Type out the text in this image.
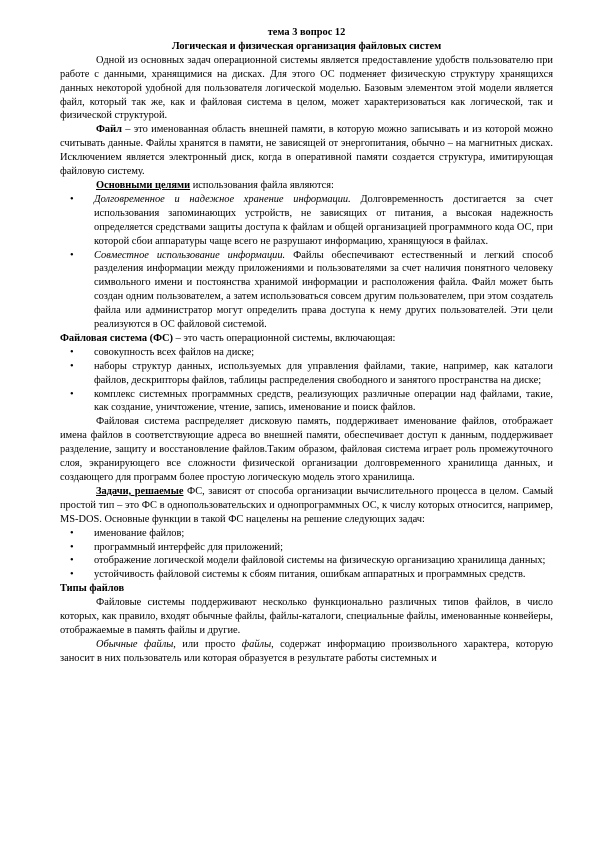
тема 3 вопрос 12

Логическая и физическая организация файловых систем

Одной из основных задач операционной системы является предоставление удобств пользователю при работе с данными, хранящимися на дисках. Для этого ОС подменяет физическую структуру хранящихся данных некоторой удобной для пользователя логической моделью. Базовым элементом этой модели является файл, который так же, как и файловая система в целом, может характеризоваться как логической, так и физической структурой.

Файл – это именованная область внешней памяти, в которую можно записывать и из которой можно считывать данные. Файлы хранятся в памяти, не зависящей от энергопитания, обычно – на магнитных дисках. Исключением является электронный диск, когда в оперативной памяти создается структура, имитирующая файловую систему.

Основными целями использования файла являются:

•	Долговременное и надежное хранение информации. Долговременность достигается за счет использования запоминающих устройств, не зависящих от питания, а высокая надежность определяется средствами защиты доступа к файлам и общей организацией программного кода ОС, при которой сбои аппаратуры чаще всего не разрушают информацию, хранящуюся в файлах.
•	Совместное использование информации. Файлы обеспечивают естественный и легкий способ разделения информации между приложениями и пользователями за счет наличия понятного человеку символьного имени и постоянства хранимой информации и расположения файла. Файл может быть создан одним пользователем, а затем использоваться совсем другим пользователем, при этом создатель файла или администратор могут определить права доступа к нему других пользователей. Эти цели реализуются в ОС файловой системой.

Файловая система (ФС) – это часть операционной системы, включающая:

•	совокупность всех файлов на диске;
•	наборы структур данных, используемых для управления файлами, такие, например, как каталоги файлов, дескрипторы файлов, таблицы распределения свободного и занятого пространства на диске;
•	комплекс системных программных средств, реализующих различные операции над файлами, такие, как создание, уничтожение, чтение, запись, именование и поиск файлов.

Файловая система распределяет дисковую память, поддерживает именование файлов, отображает имена файлов в соответствующие адреса во внешней памяти, обеспечивает доступ к данным, поддерживает разделение, защиту и восстановление файлов.Таким образом, файловая система играет роль промежуточного слоя, экранирующего все сложности физической организации долговременного хранилища данных, и создающего для программ более простую логическую модель этого хранилища.

Задачи, решаемые ФС, зависят от способа организации вычислительного процесса в целом. Самый простой тип – это ФС в однопользовательских и однопрограммных ОС, к числу которых относится, например, MS-DOS. Основные функции в такой ФС нацелены на решение следующих задач:

•	именование файлов;
•	программный интерфейс для приложений;
•	отображение логической модели файловой системы на физическую организацию хранилища данных;
•	устойчивость файловой системы к сбоям питания, ошибкам аппаратных и программных средств.

Типы файлов

Файловые системы поддерживают несколько функционально различных типов файлов, в число которых, как правило, входят обычные файлы, файлы-каталоги, специальные файлы, именованные конвейеры, отображаемые в память файлы и другие.

Обычные файлы, или просто файлы, содержат информацию произвольного характера, которую заносит в них пользователь или которая образуется в результате работы системных и
